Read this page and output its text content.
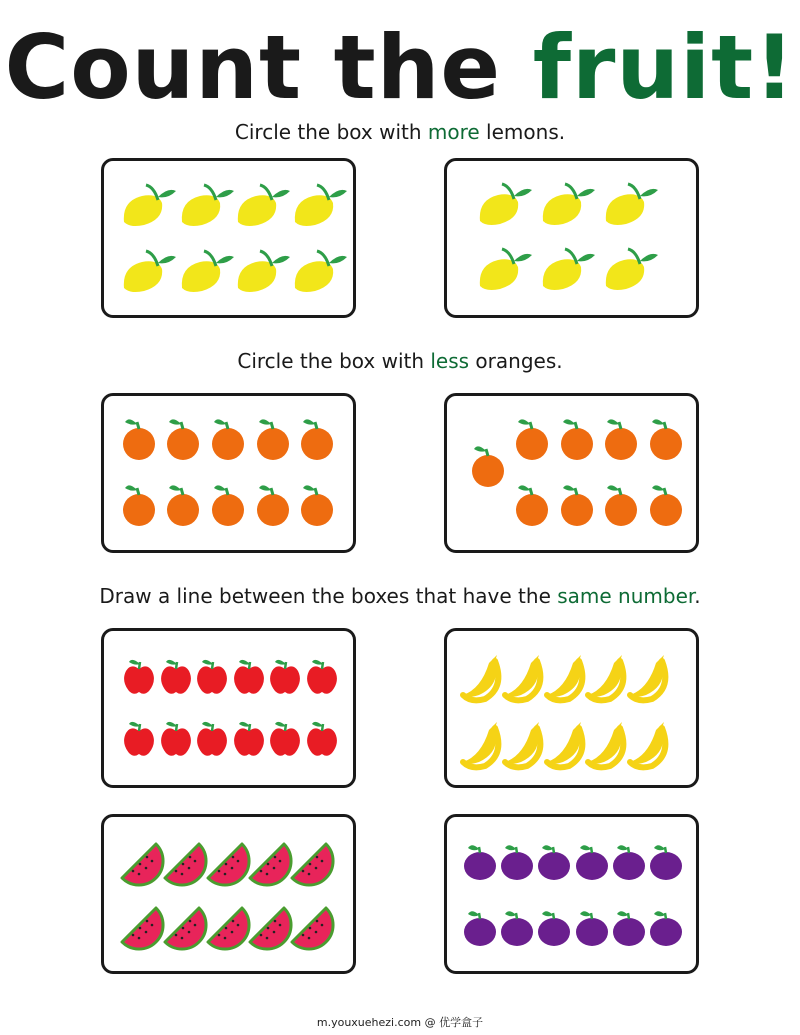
Count the fruit!

Circle the box with more lemons.

Circle the box with less oranges.

Draw a line between the boxes that have the same number.

m.youxuehezi.com @ 优学盒子
